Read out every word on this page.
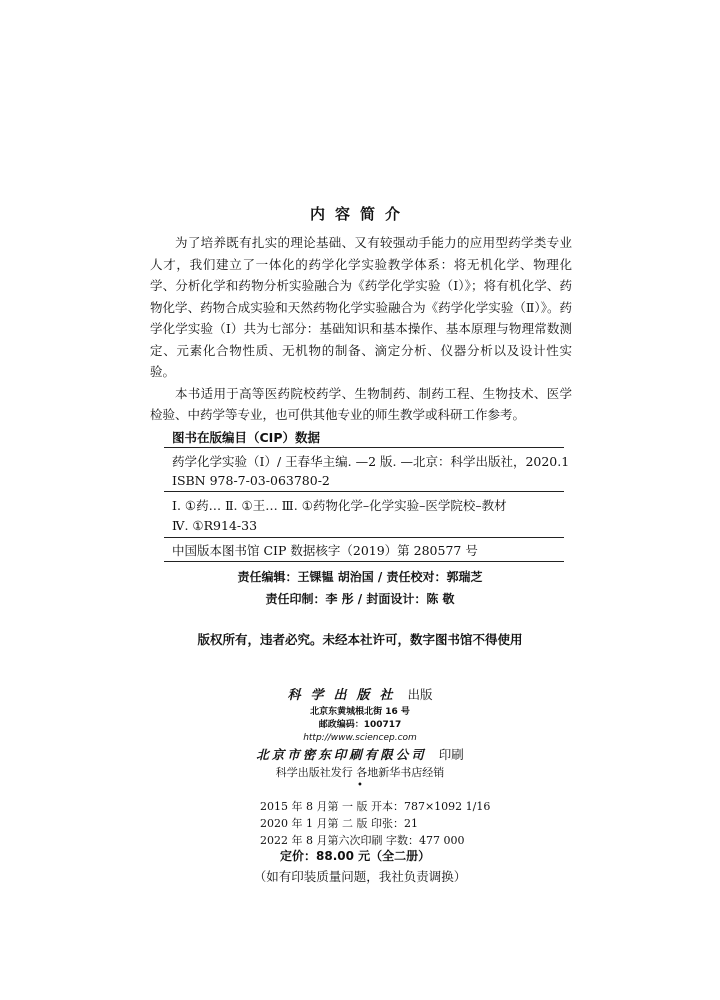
内容简介

为了培养既有扎实的理论基础、又有较强动手能力的应用型药学类专业人才，我们建立了一体化的药学化学实验教学体系：将无机化学、物理化学、分析化学和药物分析实验融合为《药学化学实验（Ⅰ）》；将有机化学、药物化学、药物合成实验和天然药物化学实验融合为《药学化学实验（Ⅱ）》。药学化学实验（Ⅰ）共为七部分：基础知识和基本操作、基本原理与物理常数测定、元素化合物性质、无机物的制备、滴定分析、仪器分析以及设计性实验。

本书适用于高等医药院校药学、生物制药、制药工程、生物技术、医学检验、中药学等专业，也可供其他专业的师生教学或科研工作参考。

图书在版编目（CIP）数据
药学化学实验（Ⅰ）/ 王春华主编. —2 版. —北京：科学出版社，2020.1
ISBN 978-7-03-063780-2
Ⅰ. ①药… Ⅱ. ①王… Ⅲ. ①药物化学–化学实验–医学院校–教材
Ⅳ. ①R914-33
中国版本图书馆 CIP 数据核字（2019）第 280577 号
责任编辑：王锞韫 胡治国 / 责任校对：郭瑞芝
责任印制：李 彤 / 封面设计：陈 敬
版权所有，违者必究。未经本社许可，数字图书馆不得使用
科学出版社 出版
北京东黄城根北街 16 号
邮政编码：100717
http://www.sciencep.com
北京市密东印刷有限公司 印刷
科学出版社发行 各地新华书店经销
•
2015 年 8 月第 一 版 开本：787×1092 1/16
2020 年 1 月第 二 版 印张：21
2022 年 8 月第六次印刷 字数：477 000
定价：88.00 元（全二册）
（如有印装质量问题，我社负责调换）
